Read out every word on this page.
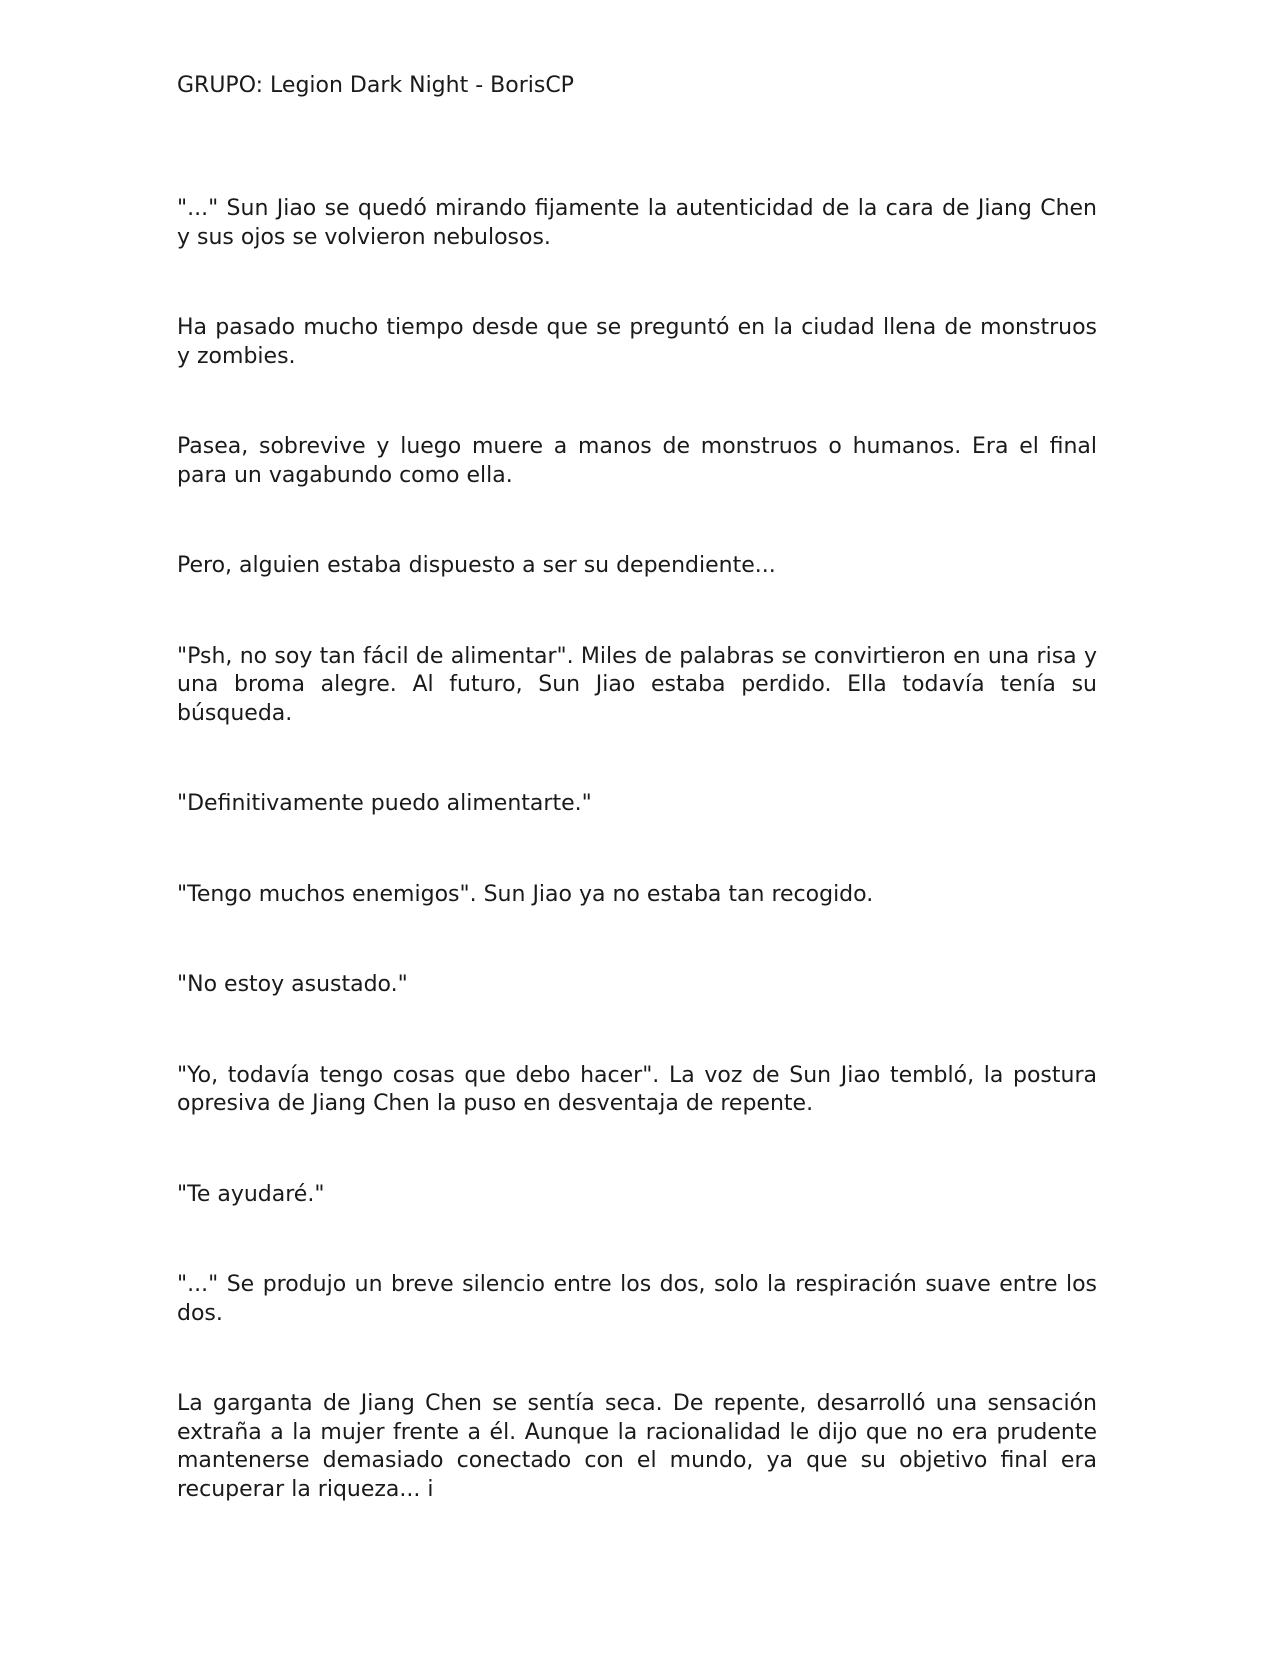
GRUPO: Legion Dark Night - BorisCP

"..." Sun Jiao se quedó mirando fijamente la autenticidad de la cara de Jiang Chen y sus ojos se volvieron nebulosos.

Ha pasado mucho tiempo desde que se preguntó en la ciudad llena de monstruos y zombies.

Pasea, sobrevive y luego muere a manos de monstruos o humanos. Era el final para un vagabundo como ella.

Pero, alguien estaba dispuesto a ser su dependiente...

"Psh, no soy tan fácil de alimentar". Miles de palabras se convirtieron en una risa y una broma alegre. Al futuro, Sun Jiao estaba perdido. Ella todavía tenía su búsqueda.

"Definitivamente puedo alimentarte."

"Tengo muchos enemigos". Sun Jiao ya no estaba tan recogido.

"No estoy asustado."

"Yo, todavía tengo cosas que debo hacer". La voz de Sun Jiao tembló, la postura opresiva de Jiang Chen la puso en desventaja de repente.

"Te ayudaré."

"..." Se produjo un breve silencio entre los dos, solo la respiración suave entre los dos.

La garganta de Jiang Chen se sentía seca. De repente, desarrolló una sensación extraña a la mujer frente a él. Aunque la racionalidad le dijo que no era prudente mantenerse demasiado conectado con el mundo, ya que su objetivo final era recuperar la riqueza... i
